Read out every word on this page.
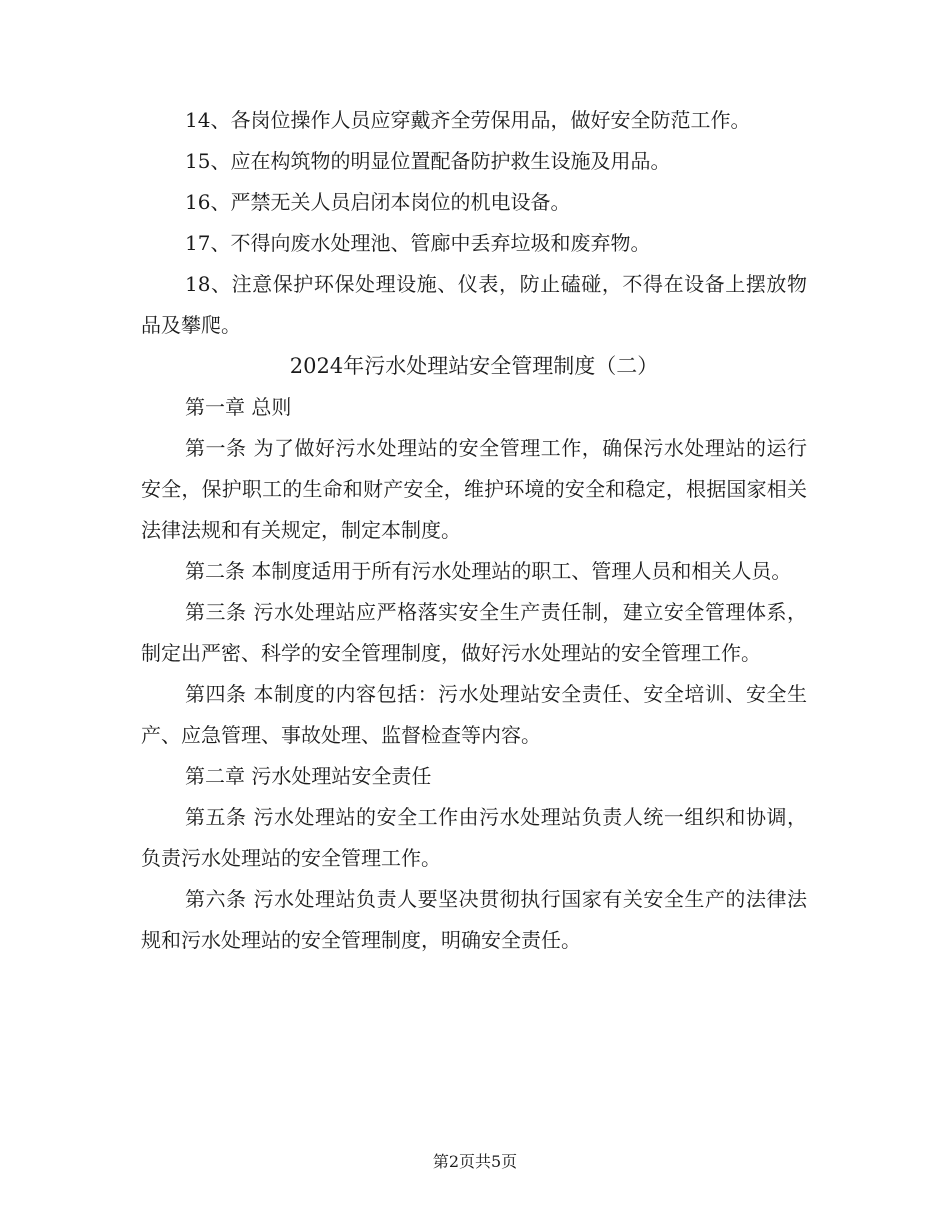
14、各岗位操作人员应穿戴齐全劳保用品，做好安全防范工作。

15、应在构筑物的明显位置配备防护救生设施及用品。

16、严禁无关人员启闭本岗位的机电设备。

17、不得向废水处理池、管廊中丢弃垃圾和废弃物。

18、注意保护环保处理设施、仪表，防止磕碰，不得在设备上摆放物品及攀爬。

2024年污水处理站安全管理制度（二）

第一章 总则

第一条 为了做好污水处理站的安全管理工作，确保污水处理站的运行安全，保护职工的生命和财产安全，维护环境的安全和稳定，根据国家相关法律法规和有关规定，制定本制度。

第二条 本制度适用于所有污水处理站的职工、管理人员和相关人员。

第三条 污水处理站应严格落实安全生产责任制，建立安全管理体系，制定出严密、科学的安全管理制度，做好污水处理站的安全管理工作。

第四条 本制度的内容包括：污水处理站安全责任、安全培训、安全生产、应急管理、事故处理、监督检查等内容。

第二章 污水处理站安全责任

第五条 污水处理站的安全工作由污水处理站负责人统一组织和协调，负责污水处理站的安全管理工作。

第六条 污水处理站负责人要坚决贯彻执行国家有关安全生产的法律法规和污水处理站的安全管理制度，明确安全责任。

第2页共5页
